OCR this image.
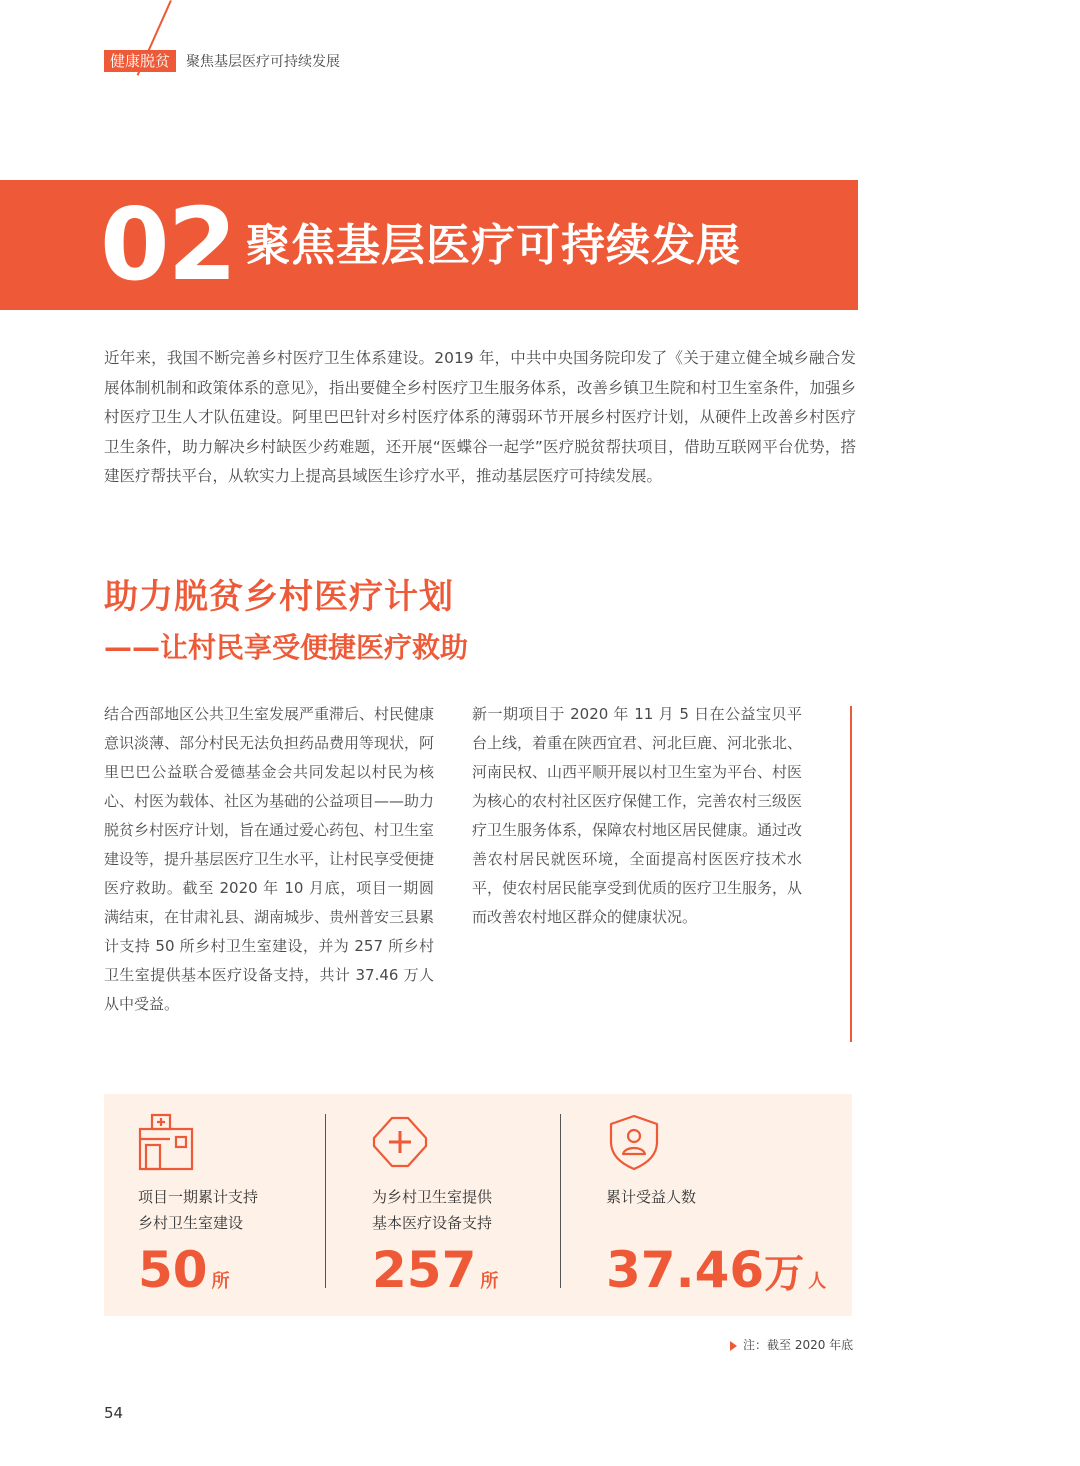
健康脱贫	聚焦基层医疗可持续发展
02 聚焦基层医疗可持续发展

近年来，我国不断完善乡村医疗卫生体系建设。2019 年，中共中央国务院印发了《关于建立健全城乡融合发展体制机制和政策体系的意见》，指出要健全乡村医疗卫生服务体系，改善乡镇卫生院和村卫生室条件，加强乡村医疗卫生人才队伍建设。阿里巴巴针对乡村医疗体系的薄弱环节开展乡村医疗计划，从硬件上改善乡村医疗卫生条件，助力解决乡村缺医少药难题，还开展“医蝶谷一起学”医疗脱贫帮扶项目，借助互联网平台优势，搭建医疗帮扶平台，从软实力上提高县域医生诊疗水平，推动基层医疗可持续发展。

助力脱贫乡村医疗计划
——让村民享受便捷医疗救助

结合西部地区公共卫生室发展严重滞后、村民健康意识淡薄、部分村民无法负担药品费用等现状，阿里巴巴公益联合爱德基金会共同发起以村民为核心、村医为载体、社区为基础的公益项目——助力脱贫乡村医疗计划，旨在通过爱心药包、村卫生室建设等，提升基层医疗卫生水平，让村民享受便捷医疗救助。截至 2020 年 10 月底，项目一期圆满结束，在甘肃礼县、湖南城步、贵州普安三县累计支持 50 所乡村卫生室建设，并为 257 所乡村卫生室提供基本医疗设备支持，共计 37.46 万人从中受益。

新一期项目于 2020 年 11 月 5 日在公益宝贝平台上线，着重在陕西宜君、河北巨鹿、河北张北、河南民权、山西平顺开展以村卫生室为平台、村医为核心的农村社区医疗保健工作，完善农村三级医疗卫生服务体系，保障农村地区居民健康。通过改善农村居民就医环境，全面提高村医医疗技术水平，使农村居民能享受到优质的医疗卫生服务，从而改善农村地区群众的健康状况。

项目一期累计支持
乡村卫生室建设
50 所
为乡村卫生室提供
基本医疗设备支持
257 所
累计受益人数
37.46万 人
注：截至 2020 年底
54
